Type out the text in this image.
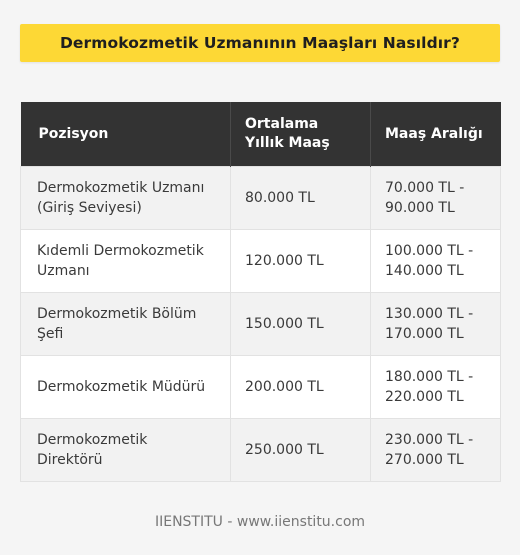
Dermokozmetik Uzmanının Maaşları Nasıldır?
Pozisyon	Ortalama Yıllık Maaş	Maaş Aralığı
Dermokozmetik Uzmanı (Giriş Seviyesi)	80.000 TL	70.000 TL - 90.000 TL
Kıdemli Dermokozmetik Uzmanı	120.000 TL	100.000 TL - 140.000 TL
Dermokozmetik Bölüm Şefi	150.000 TL	130.000 TL - 170.000 TL
Dermokozmetik Müdürü	200.000 TL	180.000 TL - 220.000 TL
Dermokozmetik Direktörü	250.000 TL	230.000 TL - 270.000 TL
IIENSTITU - www.iienstitu.com
